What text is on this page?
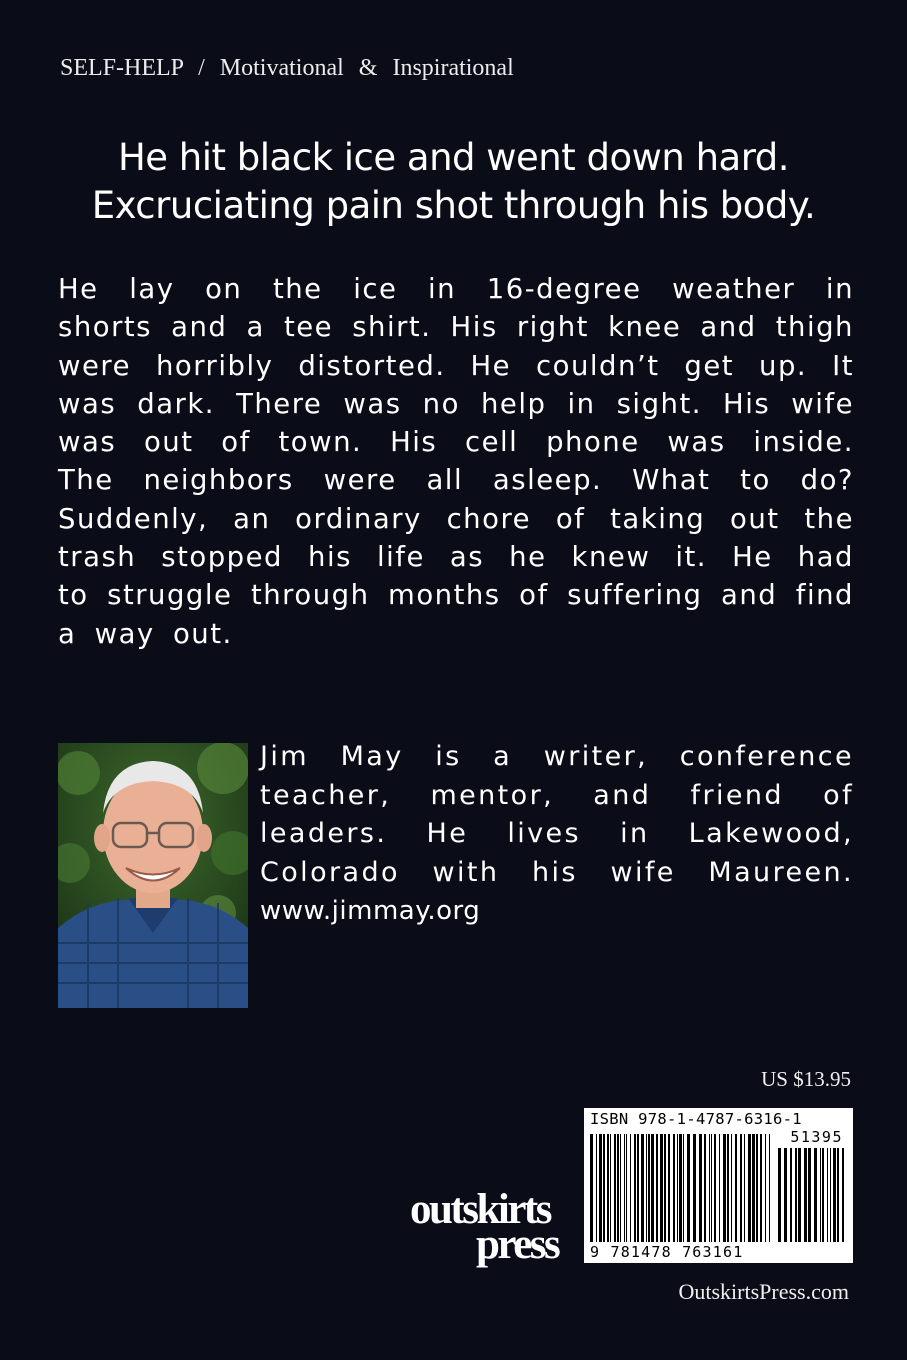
SELF-HELP / Motivational & Inspirational
He hit black ice and went down hard.
Excruciating pain shot through his body.
He lay on the ice in 16-degree weather in
shorts and a tee shirt. His right knee and thigh
were horribly distorted. He couldn’t get up. It
was dark. There was no help in sight. His wife
was out of town. His cell phone was inside.
The neighbors were all asleep. What to do?
Suddenly, an ordinary chore of taking out the
trash stopped his life as he knew it. He had
to struggle through months of suffering and find
a way out.
Jim May is a writer, conference
teacher, mentor, and friend of
leaders. He lives in Lakewood,
Colorado with his wife Maureen.
www.jimmay.org
US $13.95
ISBN 978-1-4787-6316-1
51395
9 781478 763161
outskirts
press
OutskirtsPress.com
